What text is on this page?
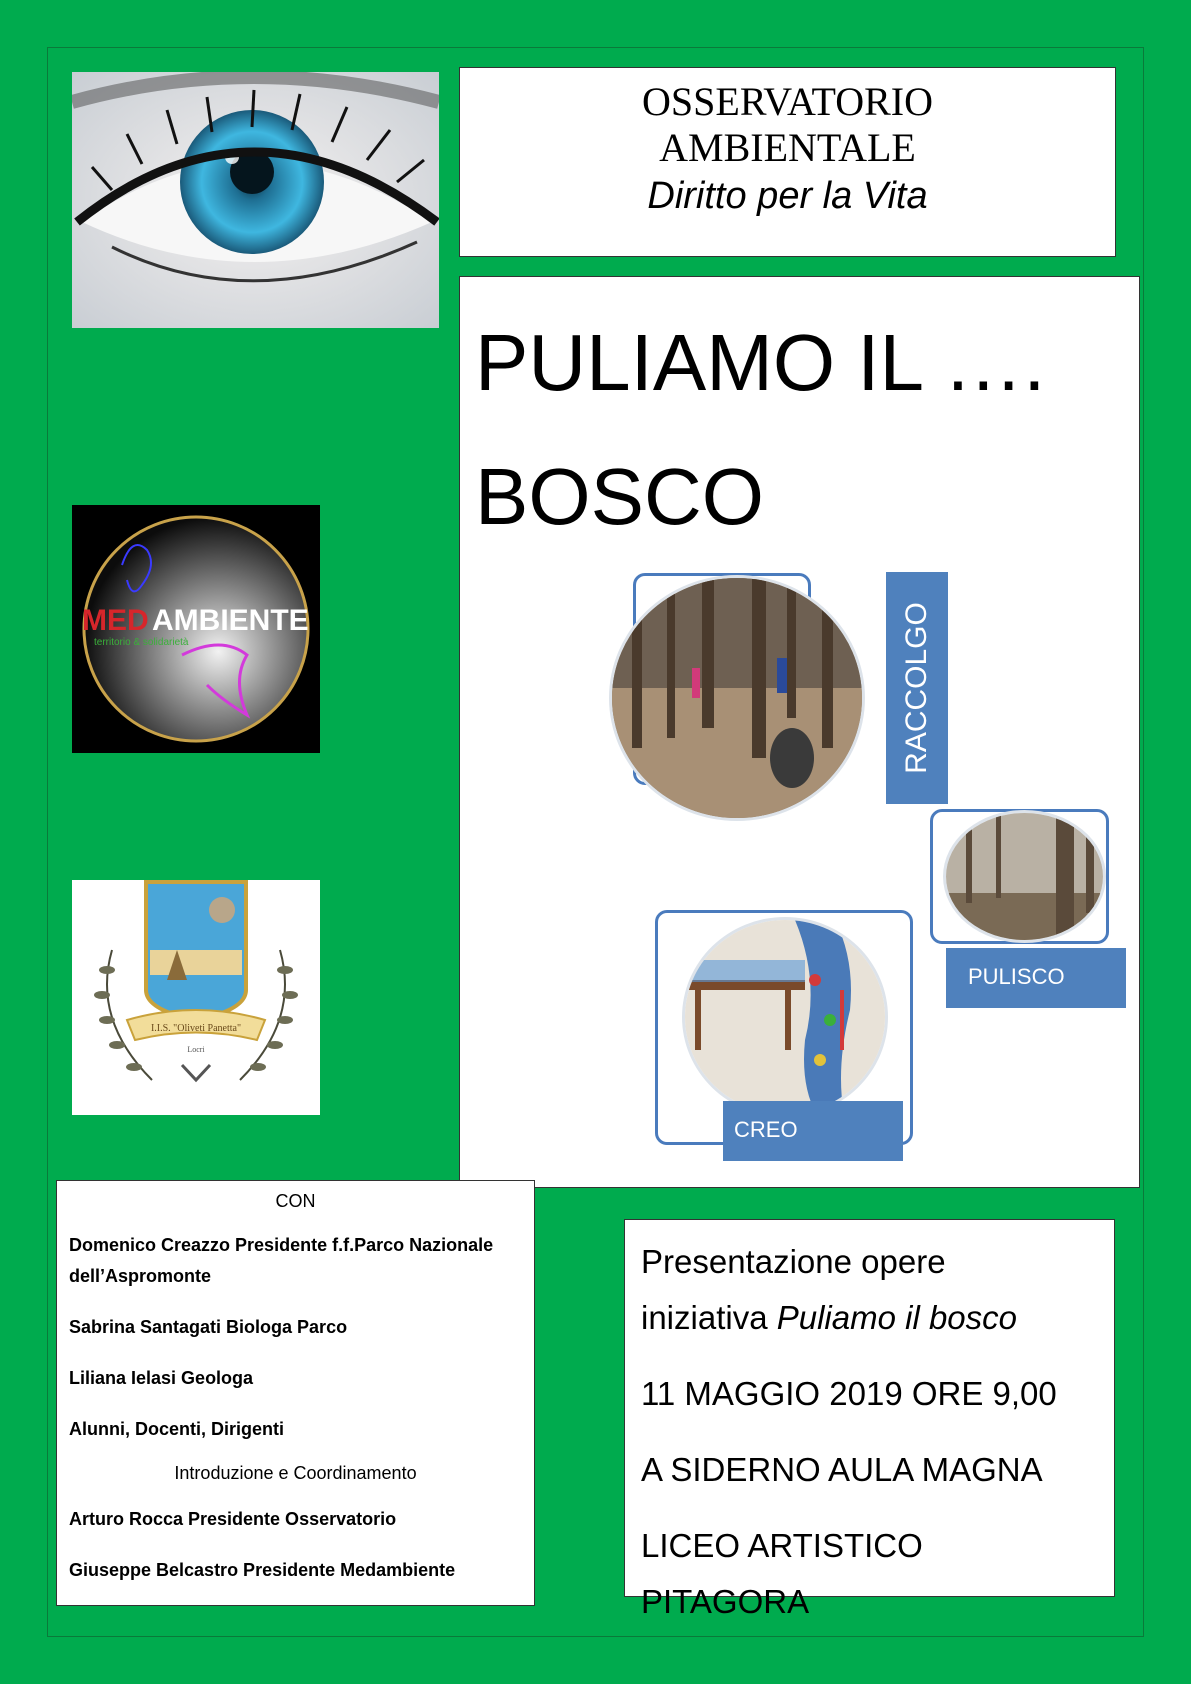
MED AMBIENTE
territorio & solidarietà
I.I.S. "Oliveti Panetta"
Locri
OSSERVATORIO
AMBIENTALE
Diritto per la Vita
PULIAMO IL ….
BOSCO
RACCOLGO
PULISCO
CREO
CON
Domenico Creazzo Presidente f.f.Parco Nazionale dell’Aspromonte
Sabrina Santagati Biologa Parco
Liliana Ielasi Geologa
Alunni, Docenti, Dirigenti
Introduzione e Coordinamento
Arturo Rocca Presidente Osservatorio
Giuseppe Belcastro Presidente Medambiente
Presentazione opere
iniziativa Puliamo il bosco
11 MAGGIO 2019 ORE 9,00
A SIDERNO AULA MAGNA
LICEO ARTISTICO PITAGORA
